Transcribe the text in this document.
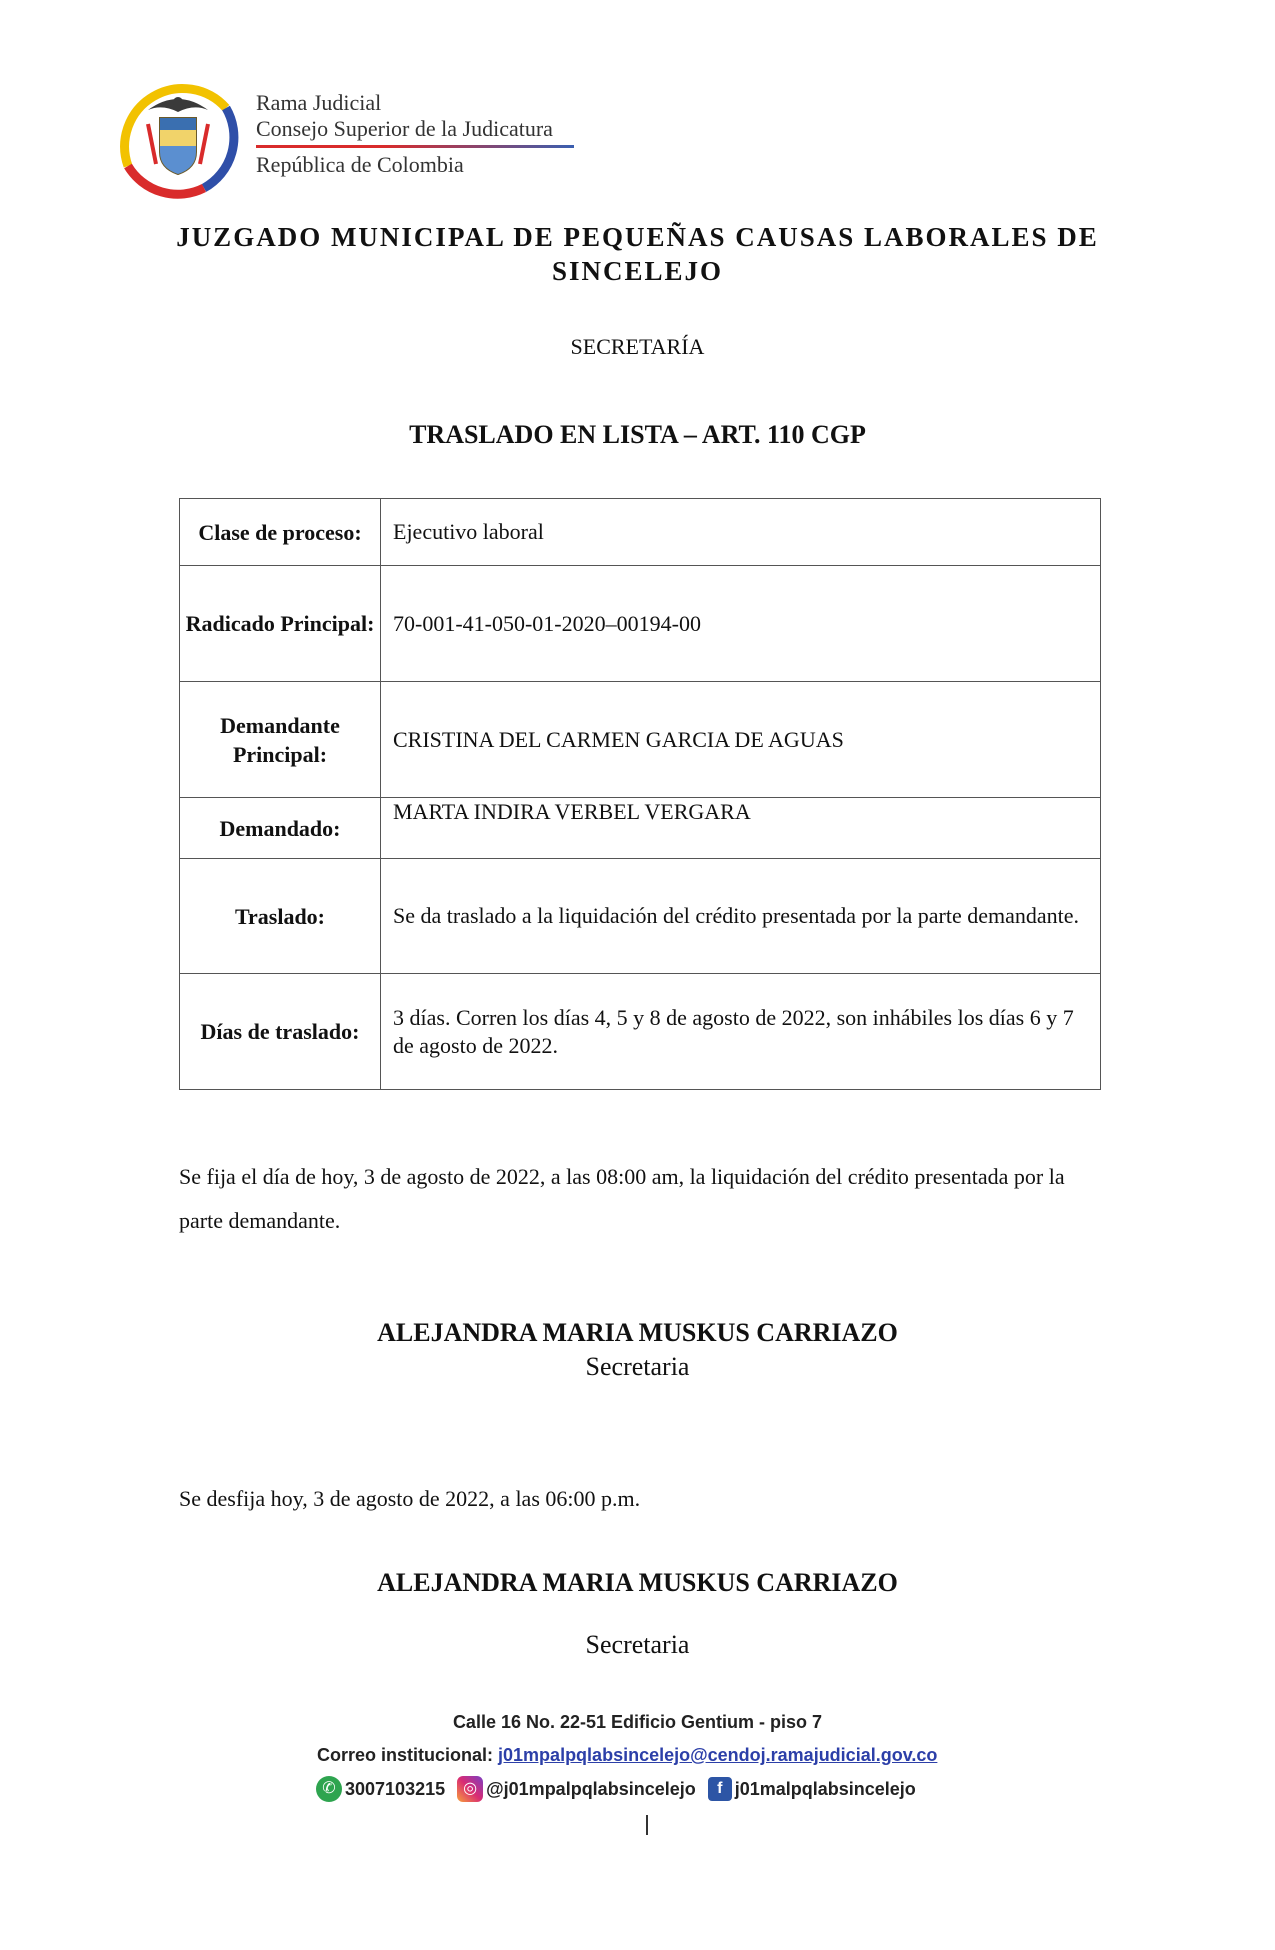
Rama Judicial
Consejo Superior de la Judicatura
República de Colombia
JUZGADO MUNICIPAL DE PEQUEÑAS CAUSAS LABORALES DE SINCELEJO
SECRETARÍA
TRASLADO EN LISTA – ART. 110 CGP
Clase de proceso:	Ejecutivo laboral
Radicado Principal:	70-001-41-050-01-2020–00194-00
Demandante Principal:	CRISTINA DEL CARMEN GARCIA DE AGUAS
Demandado:	MARTA INDIRA VERBEL VERGARA
Traslado:	Se da traslado a la liquidación del crédito presentada por la parte demandante.
Días de traslado:	3 días. Corren los días 4, 5 y 8 de agosto de 2022, son inhábiles los días 6 y 7 de agosto de 2022.
Se fija el día de hoy, 3 de agosto de 2022, a las 08:00 am, la liquidación del crédito presentada por la parte demandante.
ALEJANDRA MARIA MUSKUS CARRIAZO
Secretaria
Se desfija hoy, 3 de agosto de 2022, a las 06:00 p.m.
ALEJANDRA MARIA MUSKUS CARRIAZO
Secretaria
Calle 16 No. 22-51 Edificio Gentium - piso 7
Correo institucional: j01mpalpqlabsincelejo@cendoj.ramajudicial.gov.co
✆ 3007103215	◎ @j01mpalpqlabsincelejo	f j01malpqlabsincelejo
